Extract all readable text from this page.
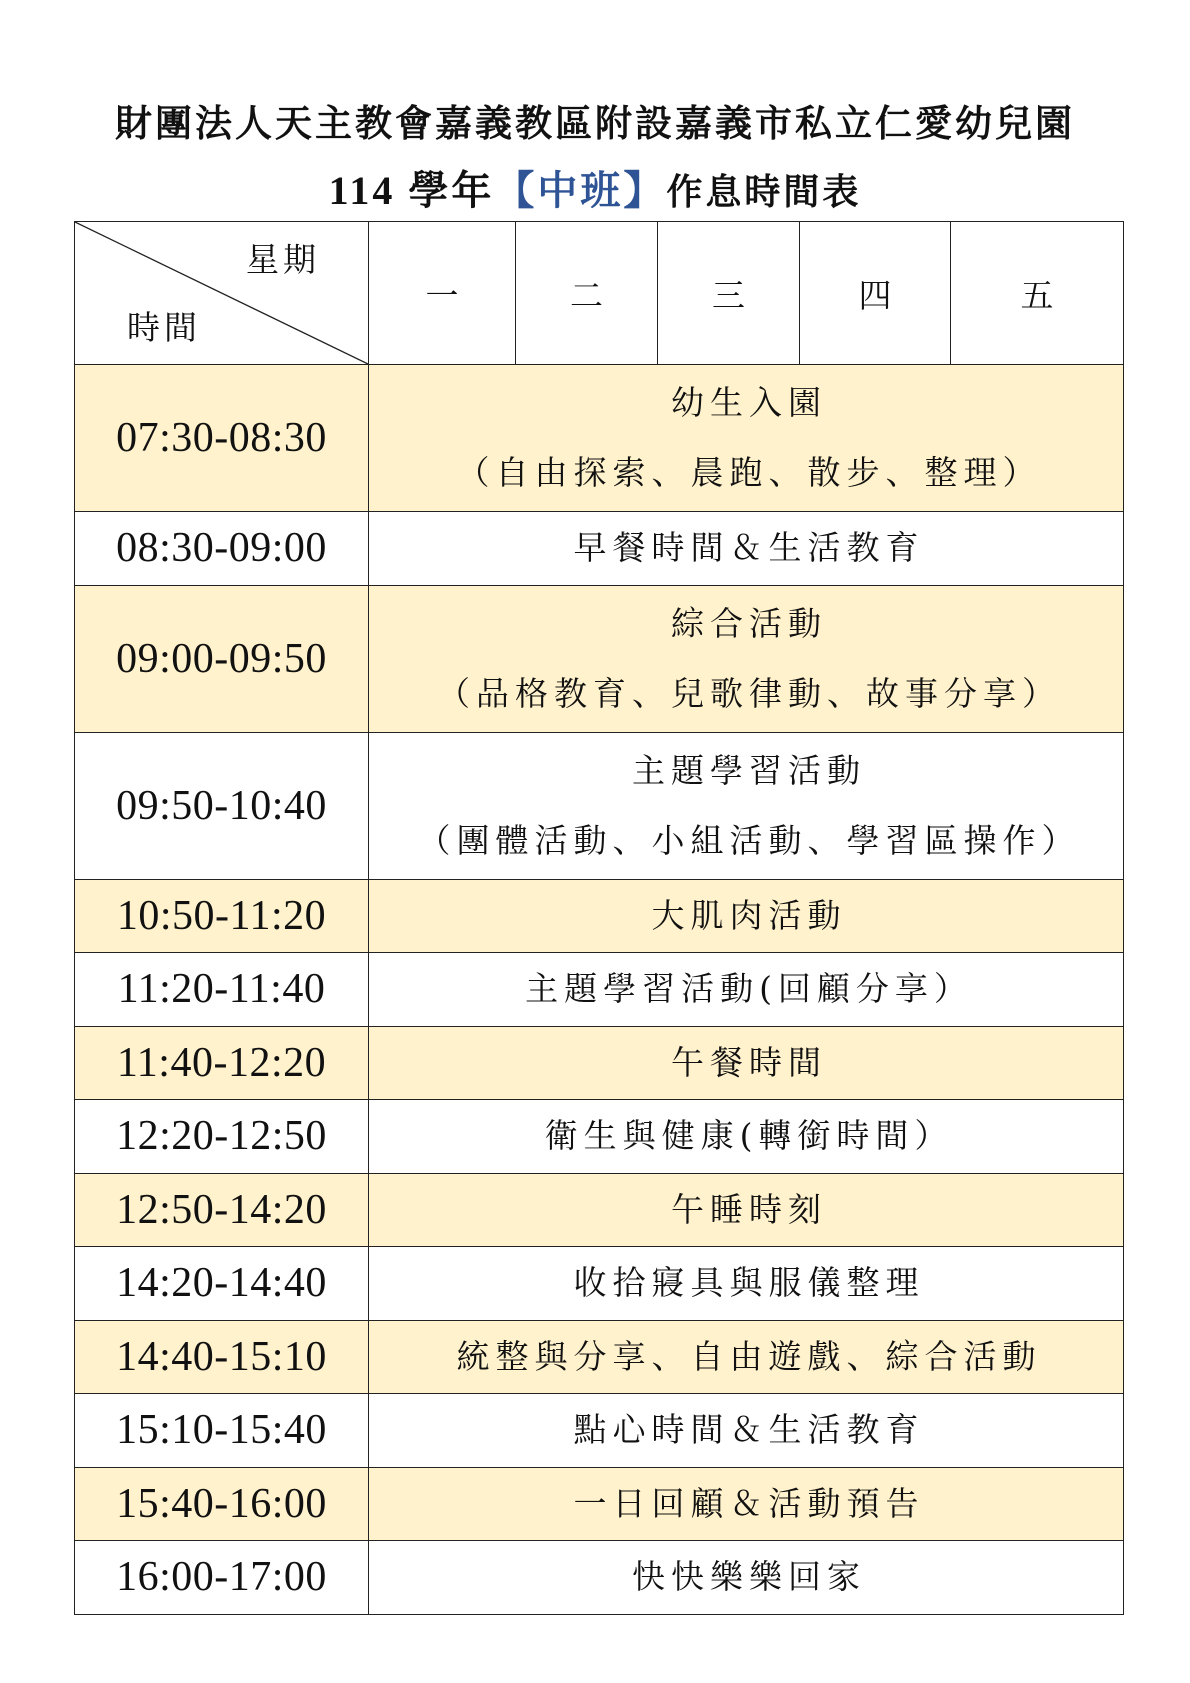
財團法人天主教會嘉義教區附設嘉義市私立仁愛幼兒園
114 學年【中班】作息時間表
星期
時間	一	二	三	四	五
07:30-08:30	幼生入園
（自由探索、晨跑、散步、整理）				

08:30-09:00	早餐時間＆生活教育				

09:00-09:50	綜合活動
（品格教育、兒歌律動、故事分享）				

09:50-10:40	主題學習活動
（團體活動、小組活動、學習區操作）				

10:50-11:20	大肌肉活動				

11:20-11:40	主題學習活動(回顧分享）				

11:40-12:20	午餐時間				

12:20-12:50	衛生與健康(轉銜時間）				

12:50-14:20	午睡時刻				

14:20-14:40	收拾寢具與服儀整理				

14:40-15:10	統整與分享、自由遊戲、綜合活動				

15:10-15:40	點心時間＆生活教育				

15:40-16:00	一日回顧＆活動預告				

16:00-17:00	快快樂樂回家				
